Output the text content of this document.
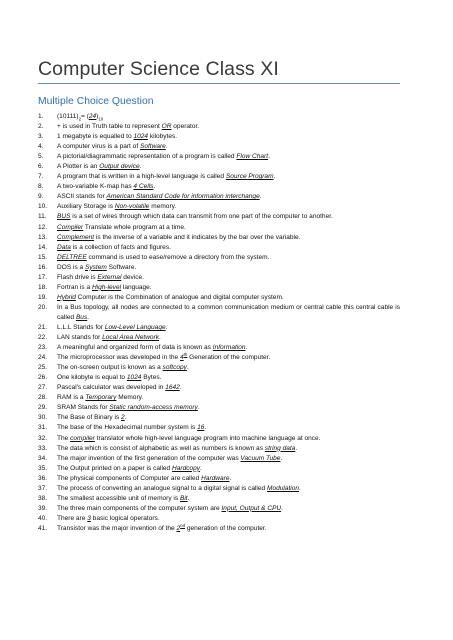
Computer Science Class XI
Multiple Choice Question
1.	$(10111)_2= (24)_{10}$
2.	+ is used in Truth table to represent OR operator.
3.	1 megabyte is equalled to 1024 kilobytes.
4.	A computer virus is a part of Software.
5.	A pictorial/diagrammatic representation of a program is called Flow Chart.
6.	A Plotter is an Output device.
7.	A program that is written in a high-level language is called Source Program.
8.	A two-variable K-map has 4 Cells.
9.	ASCII stands for American Standard Code for information interchange.
10.	Auxiliary Storage is Non-volatile memory.
11.	BUS is a set of wires through which data can transmit from one part of the computer to another.
12.	Compiler Translate whole program at a time.
13.	Complement is the inverse of a variable and it indicates by the bar over the variable.
14.	Data is a collection of facts and figures.
15.	DELTREE command is used to ease/remove a directory from the system.
16.	DOS is a System Software.
17.	Flash drive is External device.
18.	Fortran is a High-level language.
19.	Hybrid Computer is the Combination of analogue and digital computer system.
20.	In a Bus topology, all nodes are connected to a common communication medium or central cable this central cable is called Bus.
21.	L.L.L Stands for Low-Level Language.
22.	LAN stands for Local Area Network.
23.	A meaningful and organized form of data is known as Information.
24.	The microprocessor was developed in the 4th Generation of the computer.
25.	The on-screen output is known as a softcopy.
26.	One kilobyte is equal to 1024 Bytes.
27.	Pascal's calculator was developed in 1642.
28.	RAM is a Temporary Memory.
29.	SRAM Stands for Static random-access memory.
30.	The Base of Binary is 2.
31.	The base of the Hexadecimal number system is 16.
32.	The compiler translator whole high-level language program into machine language at once.
33.	The data which is consist of alphabetic as well as numbers is known as string data.
34.	The major invention of the first generation of the computer was Vacuum Tube.
35.	The Output printed on a paper is called Hardcopy.
36.	The physical components of Computer are called Hardware.
37.	The process of converting an analogue signal to a digital signal is called Modulation.
38.	The smallest accessible unit of memory is Bit.
39.	The three main components of the computer system are Input, Output & CPU.
40.	There are 3 basic logical operators.
41.	Transistor was the major invention of the 2nd generation of the computer.
